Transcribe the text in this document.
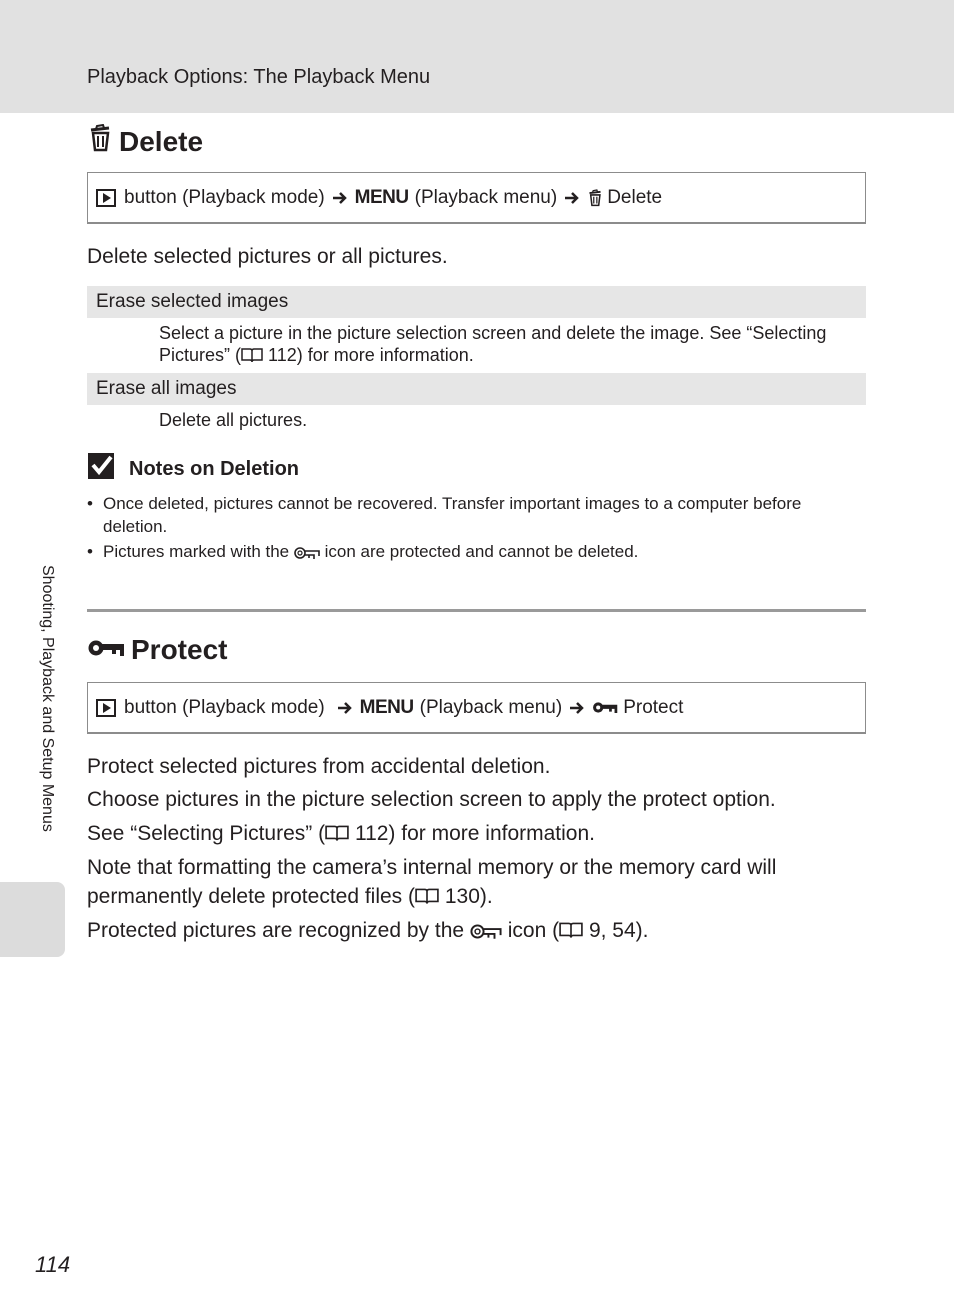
Playback Options: The Playback Menu
Shooting, Playback and Setup Menus
Delete
button (Playback mode) MENU (Playback menu)	Delete
Delete selected pictures or all pictures.
Erase selected images
Select a picture in the picture selection screen and delete the image. See “Selecting Pictures” ( 112) for more information.
Erase all images
Delete all pictures.
Notes on Deletion
• Once deleted, pictures cannot be recovered. Transfer important images to a computer before deletion.
• Pictures marked with the icon are protected and cannot be deleted.
Protect
button (Playback mode) MENU (Playback menu)	Protect
Protect selected pictures from accidental deletion.
Choose pictures in the picture selection screen to apply the protect option.
See “Selecting Pictures” ( 112) for more information.
Note that formatting the camera’s internal memory or the memory card will
permanently delete protected files ( 130).
Protected pictures are recognized by the icon ( 9, 54).
114
